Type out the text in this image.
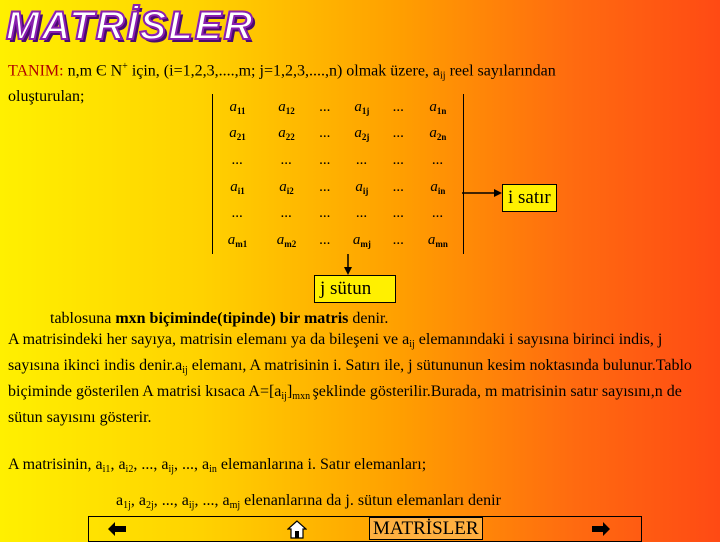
MATRİSLER
TANIM: n,m Є N+ için, (i=1,2,3,....,m; j=1,2,3,....,n) olmak üzere, $a_{ij}$ reel sayılarından
oluşturulan;
$a_{11}$	$a_{12}$	...	$a_{1j}$	...	$a_{1n}$
$a_{21}$	$a_{22}$	...	$a_{2j}$	...	$a_{2n}$
...	...	...	...	...	...
$a_{i1}$	$a_{i2}$	...	$a_{ij}$	...	$a_{in}$
...	...	...	...	...	...
$a_{m1}$	$a_{m2}$	...	$a_{mj}$	...	$a_{mn}$
i satır
j sütun
tablosuna mxn biçiminde(tipinde) bir matris denir.
A matrisindeki her sayıya, matrisin elemanı ya da bileşeni ve $a_{ij}$ elemanındaki i sayısına birinci indis, j sayısına ikinci indis $denir.a_{ij}$ elemanı, A matrisinin i. Satırı ile, j sütununun kesim noktasında bulunur.Tablo biçiminde gösterilen A matrisi kısaca $A=[a_{ij}]_{mxn}$ şeklinde gösterilir.Burada, m matrisinin satır sayısını,n de sütun sayısını gösterir.
A matrisinin, $a_{i1}$, $a_{i2}$, ..., $a_{ij}$, ..., $a_{in}$ elemanlarına i. Satır elemanları;
$a_{1j}$, $a_{2j}$, ..., $a_{ij}$, ..., $a_{mj}$ elenanlarına da j. sütun elemanları denir
MATRİSLER
